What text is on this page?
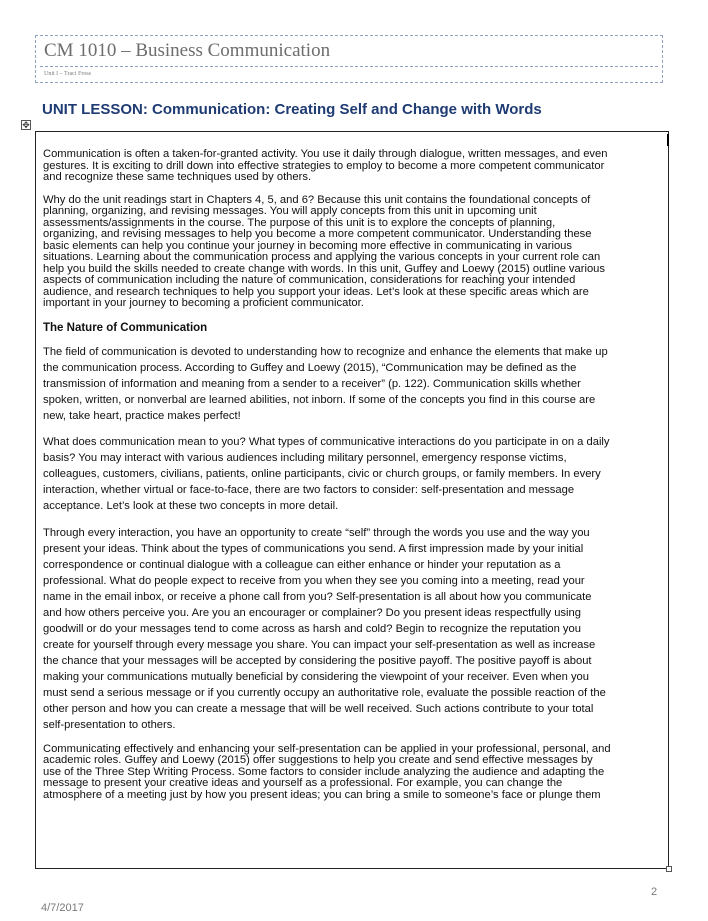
CM 1010 – Business Communication
Unit I – Traci Fross
UNIT LESSON: Communication: Creating Self and Change with Words
✥

Communication is often a taken-for-granted activity. You use it daily through dialogue, written messages, and even
gestures. It is exciting to drill down into effective strategies to employ to become a more competent communicator
and recognize these same techniques used by others.

Why do the unit readings start in Chapters 4, 5, and 6? Because this unit contains the foundational concepts of
planning, organizing, and revising messages. You will apply concepts from this unit in upcoming unit
assessments/assignments in the course. The purpose of this unit is to explore the concepts of planning,
organizing, and revising messages to help you become a more competent communicator. Understanding these
basic elements can help you continue your journey in becoming more effective in communicating in various
situations. Learning about the communication process and applying the various concepts in your current role can
help you build the skills needed to create change with words. In this unit, Guffey and Loewy (2015) outline various
aspects of communication including the nature of communication, considerations for reaching your intended
audience, and research techniques to help you support your ideas. Let’s look at these specific areas which are
important in your journey to becoming a proficient communicator.

The Nature of Communication

The field of communication is devoted to understanding how to recognize and enhance the elements that make up
the communication process. According to Guffey and Loewy (2015), “Communication may be defined as the
transmission of information and meaning from a sender to a receiver” (p. 122). Communication skills whether
spoken, written, or nonverbal are learned abilities, not inborn. If some of the concepts you find in this course are
new, take heart, practice makes perfect!

What does communication mean to you? What types of communicative interactions do you participate in on a daily
basis? You may interact with various audiences including military personnel, emergency response victims,
colleagues, customers, civilians, patients, online participants, civic or church groups, or family members. In every
interaction, whether virtual or face-to-face, there are two factors to consider: self-presentation and message
acceptance. Let’s look at these two concepts in more detail.

Through every interaction, you have an opportunity to create “self” through the words you use and the way you
present your ideas. Think about the types of communications you send. A first impression made by your initial
correspondence or continual dialogue with a colleague can either enhance or hinder your reputation as a
professional. What do people expect to receive from you when they see you coming into a meeting, read your
name in the email inbox, or receive a phone call from you? Self-presentation is all about how you communicate
and how others perceive you. Are you an encourager or complainer? Do you present ideas respectfully using
goodwill or do your messages tend to come across as harsh and cold? Begin to recognize the reputation you
create for yourself through every message you share. You can impact your self-presentation as well as increase
the chance that your messages will be accepted by considering the positive payoff. The positive payoff is about
making your communications mutually beneficial by considering the viewpoint of your receiver. Even when you
must send a serious message or if you currently occupy an authoritative role, evaluate the possible reaction of the
other person and how you can create a message that will be well received. Such actions contribute to your total
self-presentation to others.

Communicating effectively and enhancing your self-presentation can be applied in your professional, personal, and
academic roles. Guffey and Loewy (2015) offer suggestions to help you create and send effective messages by
use of the Three Step Writing Process. Some factors to consider include analyzing the audience and adapting the
message to present your creative ideas and yourself as a professional. For example, you can change the
atmosphere of a meeting just by how you present ideas; you can bring a smile to someone’s face or plunge them

2
4/7/2017
